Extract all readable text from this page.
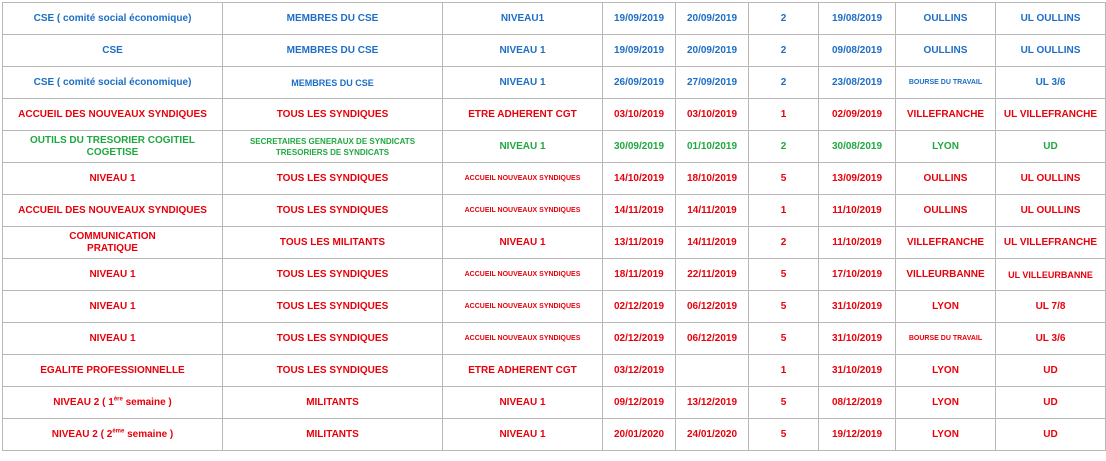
CSE ( comité social économique)	MEMBRES DU CSE	NIVEAU1	19/09/2019	20/09/2019	2	19/08/2019	OULLINS	UL OULLINS
CSE	MEMBRES DU CSE	NIVEAU 1	19/09/2019	20/09/2019	2	09/08/2019	OULLINS	UL OULLINS
CSE ( comité social économique)	MEMBRES DU CSE	NIVEAU 1	26/09/2019	27/09/2019	2	23/08/2019	BOURSE DU TRAVAIL	UL 3/6
ACCUEIL DES NOUVEAUX SYNDIQUES	TOUS LES SYNDIQUES	ETRE ADHERENT CGT	03/10/2019	03/10/2019	1	02/09/2019	VILLEFRANCHE	UL VILLEFRANCHE
OUTILS DU TRESORIER COGITIEL COGETISE	SECRETAIRES GENERAUX DE SYNDICATS TRESORIERS DE SYNDICATS	NIVEAU 1	30/09/2019	01/10/2019	2	30/08/2019	LYON	UD
NIVEAU 1	TOUS LES SYNDIQUES	ACCUEIL NOUVEAUX SYNDIQUES	14/10/2019	18/10/2019	5	13/09/2019	OULLINS	UL OULLINS
ACCUEIL DES NOUVEAUX SYNDIQUES	TOUS LES SYNDIQUES	ACCUEIL NOUVEAUX SYNDIQUES	14/11/2019	14/11/2019	1	11/10/2019	OULLINS	UL OULLINS
COMMUNICATION PRATIQUE	TOUS LES MILITANTS	NIVEAU 1	13/11/2019	14/11/2019	2	11/10/2019	VILLEFRANCHE	UL VILLEFRANCHE
NIVEAU 1	TOUS LES SYNDIQUES	ACCUEIL NOUVEAUX SYNDIQUES	18/11/2019	22/11/2019	5	17/10/2019	VILLEURBANNE	UL VILLEURBANNE
NIVEAU 1	TOUS LES SYNDIQUES	ACCUEIL NOUVEAUX SYNDIQUES	02/12/2019	06/12/2019	5	31/10/2019	LYON	UL 7/8
NIVEAU 1	TOUS LES SYNDIQUES	ACCUEIL NOUVEAUX SYNDIQUES	02/12/2019	06/12/2019	5	31/10/2019	BOURSE DU TRAVAIL	UL 3/6
EGALITE PROFESSIONNELLE	TOUS LES SYNDIQUES	ETRE ADHERENT CGT	03/12/2019		1	31/10/2019	LYON	UD
NIVEAU 2 ( 1ère semaine )	MILITANTS	NIVEAU 1	09/12/2019	13/12/2019	5	08/12/2019	LYON	UD
NIVEAU 2 ( 2ème semaine )	MILITANTS	NIVEAU 1	20/01/2020	24/01/2020	5	19/12/2019	LYON	UD
